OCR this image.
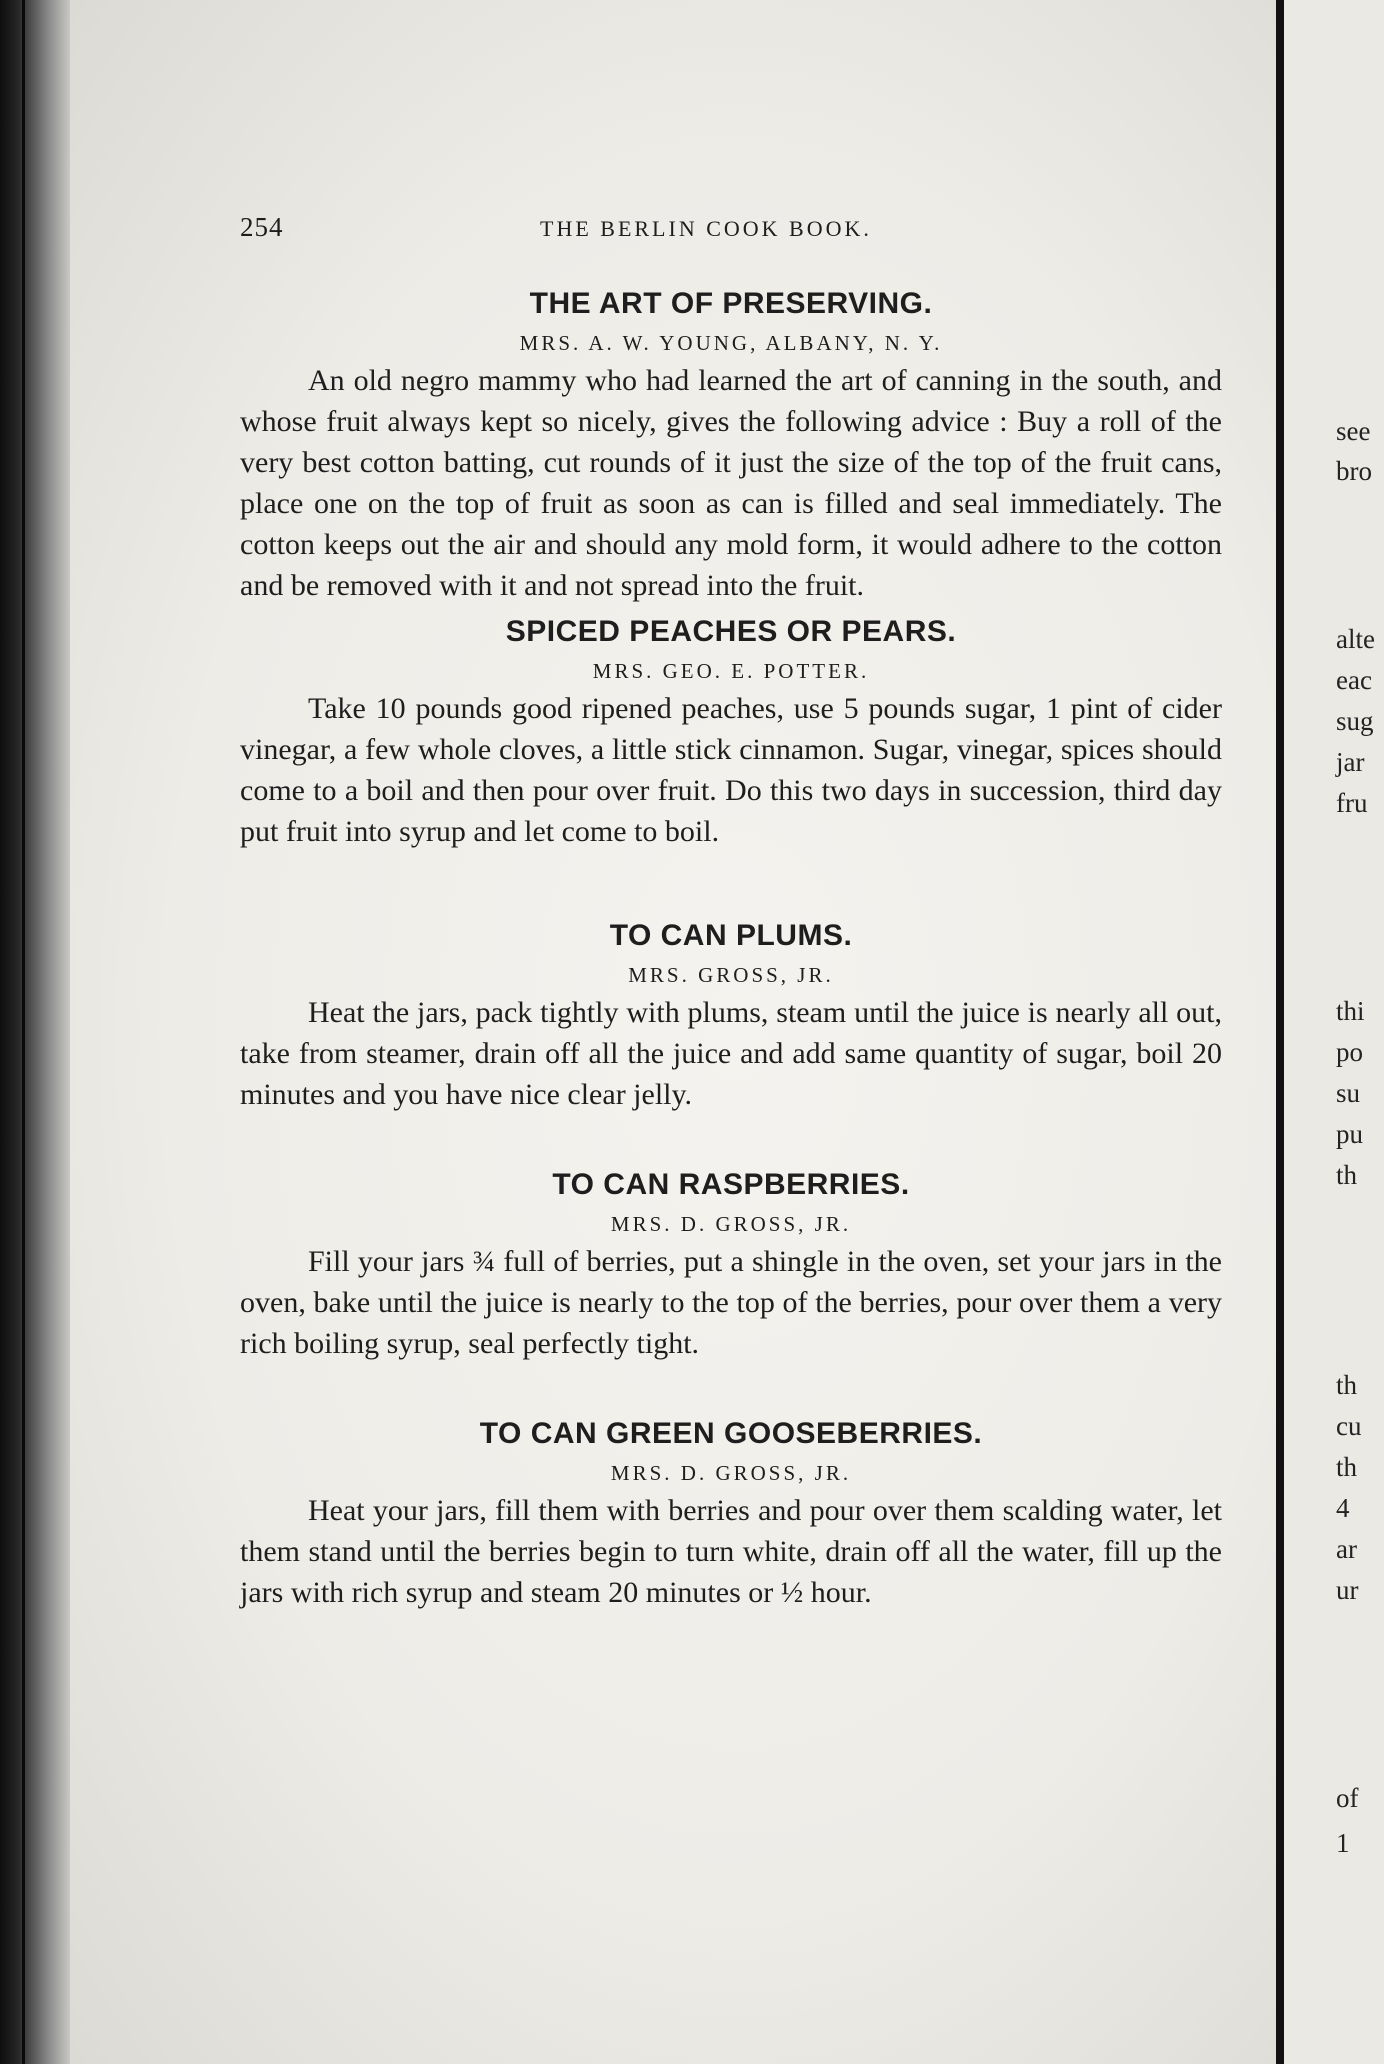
see
bro
alte
eac
sug
jar
fru
thi
po
su
pu
th
th
cu
th
4
ar
ur
of
1
254	THE BERLIN COOK BOOK.
THE ART OF PRESERVING.

MRS. A. W. YOUNG, ALBANY, N. Y.

An old negro mammy who had learned the art of canning in the south, and whose fruit always kept so nicely, gives the following advice : Buy a roll of the very best cotton batting, cut rounds of it just the size of the top of the fruit cans, place one on the top of fruit as soon as can is filled and seal immediately. The cotton keeps out the air and should any mold form, it would adhere to the cotton and be removed with it and not spread into the fruit.

SPICED PEACHES OR PEARS.

MRS. GEO. E. POTTER.

Take 10 pounds good ripened peaches, use 5 pounds sugar, 1 pint of cider vinegar, a few whole cloves, a little stick cinnamon. Sugar, vinegar, spices should come to a boil and then pour over fruit. Do this two days in succession, third day put fruit into syrup and let come to boil.

TO CAN PLUMS.

MRS. GROSS, JR.

Heat the jars, pack tightly with plums, steam until the juice is nearly all out, take from steamer, drain off all the juice and add same quantity of sugar, boil 20 minutes and you have nice clear jelly.

TO CAN RASPBERRIES.

MRS. D. GROSS, JR.

Fill your jars ¾ full of berries, put a shingle in the oven, set your jars in the oven, bake until the juice is nearly to the top of the berries, pour over them a very rich boiling syrup, seal perfectly tight.

TO CAN GREEN GOOSEBERRIES.

MRS. D. GROSS, JR.

Heat your jars, fill them with berries and pour over them scalding water, let them stand until the berries begin to turn white, drain off all the water, fill up the jars with rich syrup and steam 20 minutes or ½ hour.
